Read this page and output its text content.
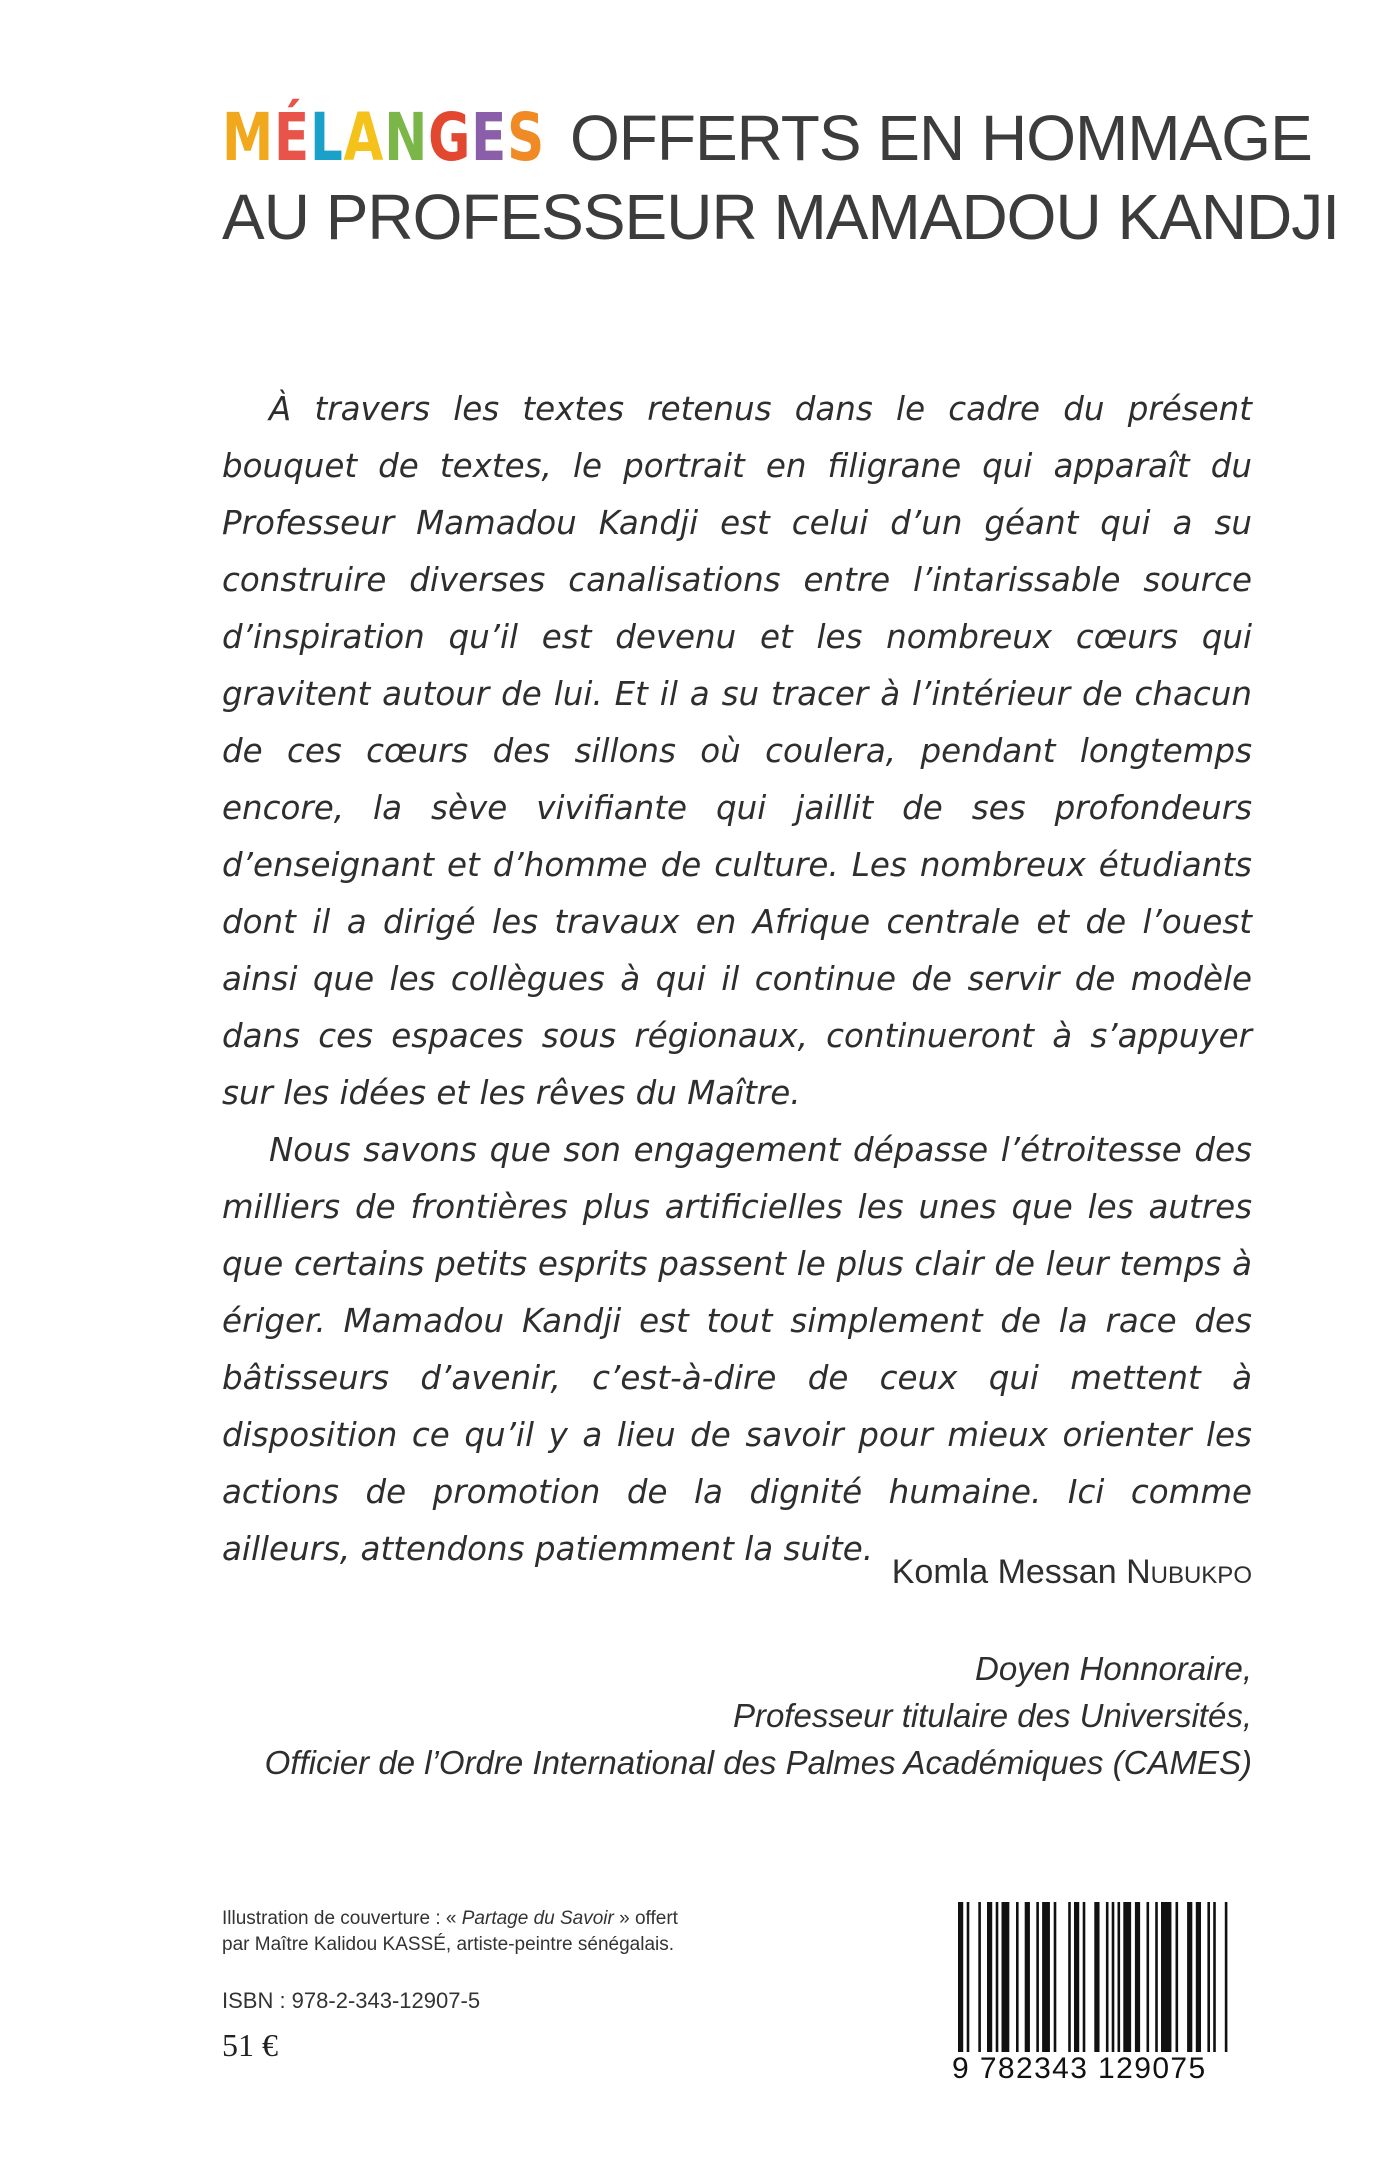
MÉLANGES OFFERTS EN HOMMAGE
AU PROFESSEUR MAMADOU KANDJI

À travers les textes retenus dans le cadre du présent bouquet de textes, le portrait en filigrane qui apparaît du Professeur Mamadou Kandji est celui d’un géant qui a su construire diverses canalisations entre l’intarissable source d’inspiration qu’il est devenu et les nombreux cœurs qui gravitent autour de lui. Et il a su tracer à l’intérieur de chacun de ces cœurs des sillons où coulera, pendant longtemps encore, la sève vivifiante qui jaillit de ses profondeurs d’enseignant et d’homme de culture. Les nombreux étudiants dont il a dirigé les travaux en Afrique centrale et de l’ouest ainsi que les collègues à qui il continue de servir de modèle dans ces espaces sous régionaux, continueront à s’appuyer sur les idées et les rêves du Maître.

Nous savons que son engagement dépasse l’étroitesse des milliers de frontières plus artificielles les unes que les autres que certains petits esprits passent le plus clair de leur temps à ériger. Mamadou Kandji est tout simplement de la race des bâtisseurs d’avenir, c’est-à-dire de ceux qui mettent à disposition ce qu’il y a lieu de savoir pour mieux orienter les actions de promotion de la dignité humaine. Ici comme ailleurs, attendons patiemment la suite.

Komla Messan Nubukpo
Doyen Honnoraire,
Professeur titulaire des Universités,
Officier de l’Ordre International des Palmes Académiques (CAMES)
Illustration de couverture : « Partage du Savoir » offert
par Maître Kalidou KASSÉ, artiste-peintre sénégalais.
ISBN : 978-2-343-12907-5
51 €
9 782343 129075
